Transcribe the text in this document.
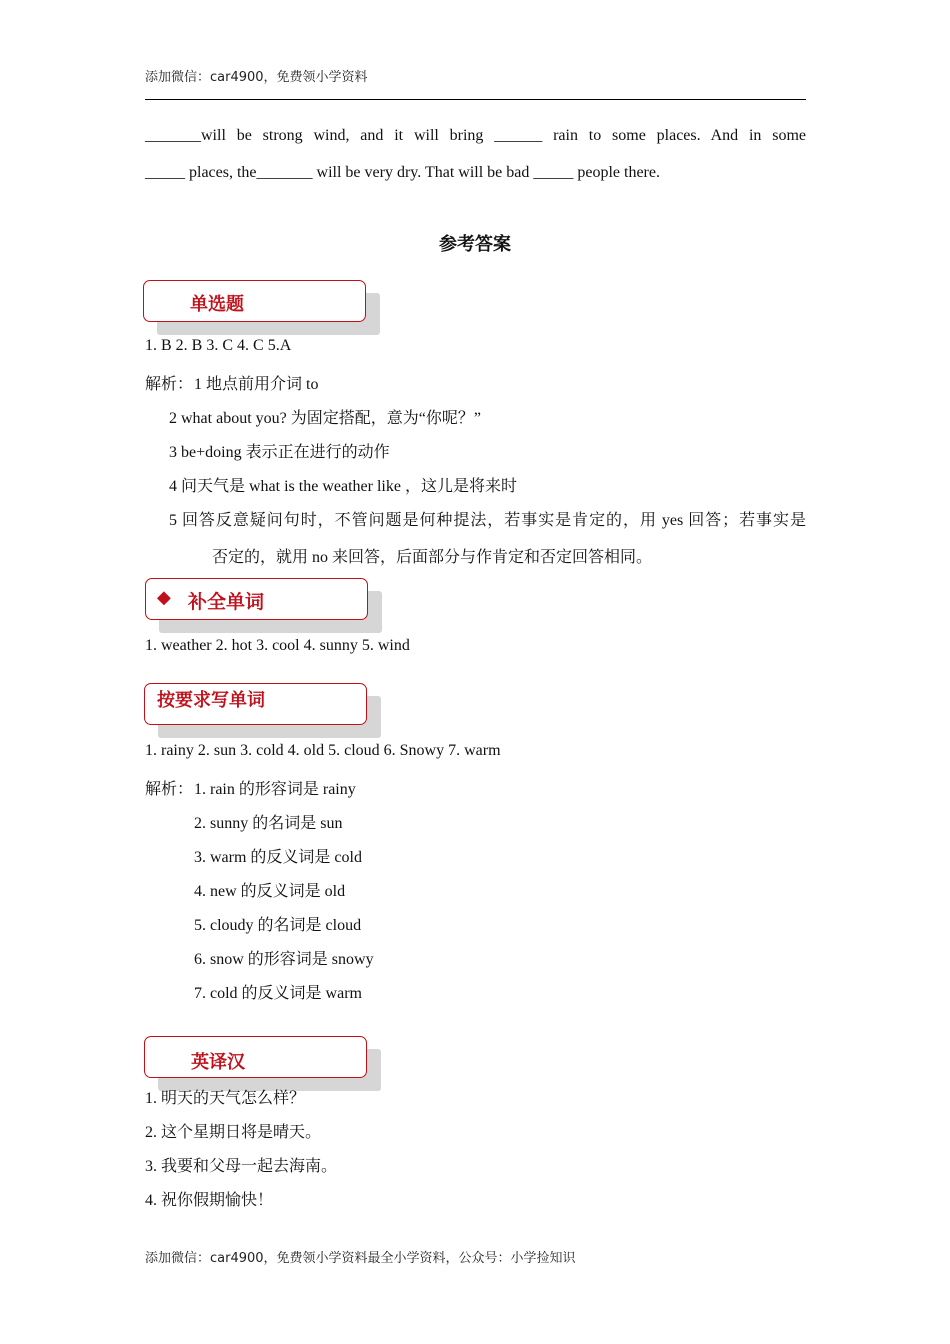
添加微信：car4900，免费领小学资料
_______will be strong wind, and it will bring ______ rain to some places. And in some
_____ places, the_______ will be very dry. That will be bad _____ people there.
参考答案
单选题
1. B 2. B 3. C 4. C 5.A
解析： 1 地点前用介词 to
2 what about you? 为固定搭配，意为“你呢？”
3 be+doing 表示正在进行的动作
4 问天气是 what is the weather like ，这儿是将来时
5 回答反意疑问句时，不管问题是何种提法，若事实是肯定的，用 yes 回答；若事实是
否定的，就用 no 来回答，后面部分与作肯定和否定回答相同。
◆ 补全单词
1. weather 2. hot 3. cool 4. sunny 5. wind
按要求写单词
1. rainy 2. sun 3. cold 4. old 5. cloud 6. Snowy 7. warm
解析： 1. rain 的形容词是 rainy
2. sunny 的名词是 sun
3. warm 的反义词是 cold
4. new 的反义词是 old
5. cloudy 的名词是 cloud
6. snow 的形容词是 snowy
7. cold 的反义词是 warm
英译汉
1. 明天的天气怎么样？
2. 这个星期日将是晴天。
3. 我要和父母一起去海南。
4. 祝你假期愉快！
添加微信：car4900，免费领小学资料最全小学资料，公众号：小学捡知识
